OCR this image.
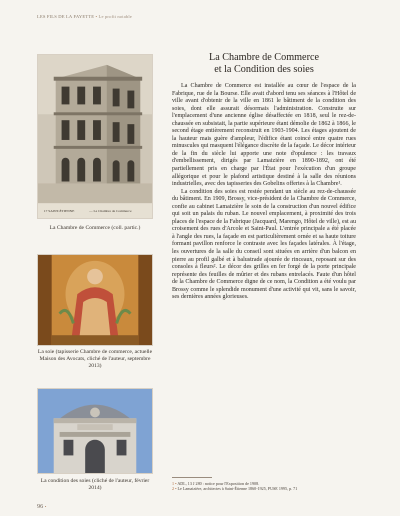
LES FILS DE LA FAYETTE • Le profit notable
17 SAINT-ÉTIENNE	— La Chambre de Commerce
La Chambre de Commerce (coll. partic.)
La soie (tapisserie Chambre de commerce, actuelle Maison des Avocats, cliché de l'auteur, septembre 2013)
La condition des soies (cliché de l'auteur, février 2014)
La Chambre de Commerce
et la Condition des soies

La Chambre de Commerce est installée au cœur de l'espace de la Fabrique, rue de la Bourse. Elle avait d'abord tenu ses séances à l'Hôtel de ville avant d'obtenir de la ville en 1861 le bâtiment de la condition des soies, dont elle assurait désormais l'administration. Construite sur l'emplacement d'une ancienne église désaffectée en 1818, seul le rez-de-chaussée en subsistait, la partie supérieure étant démolie de 1862 à 1866, le second étage entièrement reconstruit en 1903-1904. Les étages ajoutent de la hauteur mais guère d'ampleur, l'édifice étant coincé entre quatre rues minuscules qui masquent l'élégance discrète de la façade. Le décor intérieur de la fin du siècle lui apporte une note d'opulence : les travaux d'embellissement, dirigés par Lamaizière en 1890-1892, ont été partiellement pris en charge par l'État pour l'exécution d'un groupe allégorique et pour le plafond artistique destiné à la salle des réunions industrielles, avec des tapisseries des Gobelins offertes à la Chambre¹.

La condition des soies est restée pendant un siècle au rez-de-chaussée du bâtiment. En 1909, Brossy, vice-président de la Chambre de Commerce, confie au cabinet Lamaizière le soin de la construction d'un nouvel édifice qui soit un palais du ruban. Le nouvel emplacement, à proximité des trois places de l'espace de la Fabrique (Jacquard, Marengo, Hôtel de ville), est au croisement des rues d'Arcole et Saint-Paul. L'entrée principale a été placée à l'angle des rues, la façade en est particulièrement ornée et sa haute toiture formant pavillon renforce le contraste avec les façades latérales. À l'étage, les ouvertures de la salle du conseil sont situées en arrière d'un balcon en pierre au profil galbé et à balustrade ajourée de rinceaux, reposant sur des consoles à fleurs². Le décor des grilles en fer forgé de la porte principale représente des feuilles de mûrier et des rubans entrelacés. Faute d'un hôtel de la Chambre de Commerce digne de ce nom, la Condition a été voulu par Brossy comme le splendide monument d'une activité qui vit, sans le savoir, ses dernières années glorieuses.

1 • ADL, 13 J 280 : notice pour l'Exposition de 1908.
2 • Le Lamaizière, architectes à Saint-Étienne 1860-1925, PUSE 1995, p. 71
96 •
